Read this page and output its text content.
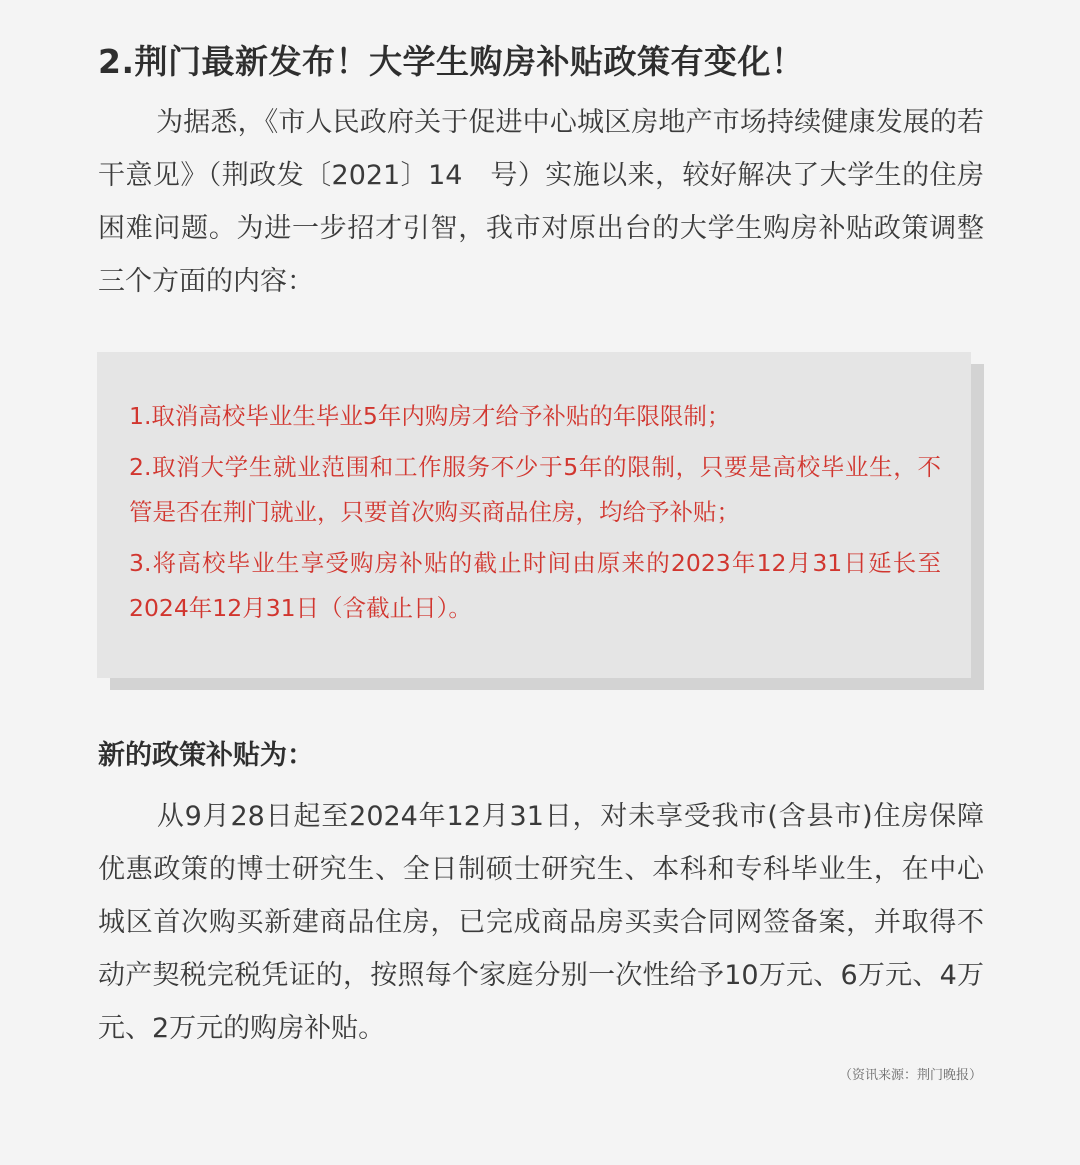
2.荆门最新发布！大学生购房补贴政策有变化！

为据悉，《市人民政府关于促进中心城区房地产市场持续健康发展的若干意见》（荆政发〔2021〕14　号）实施以来，较好解决了大学生的住房困难问题。为进一步招才引智，我市对原出台的大学生购房补贴政策调整三个方面的内容：

1.取消高校毕业生毕业5年内购房才给予补贴的年限限制；

2.取消大学生就业范围和工作服务不少于5年的限制，只要是高校毕业生，不管是否在荆门就业，只要首次购买商品住房，均给予补贴；

3.将高校毕业生享受购房补贴的截止时间由原来的2023年12月31日延长至2024年12月31日（含截止日）。

新的政策补贴为：

从9月28日起至2024年12月31日，对未享受我市(含县市)住房保障优惠政策的博士研究生、全日制硕士研究生、本科和专科毕业生，在中心城区首次购买新建商品住房，已完成商品房买卖合同网签备案，并取得不动产契税完税凭证的，按照每个家庭分别一次性给予10万元、6万元、4万元、2万元的购房补贴。

（资讯来源：荆门晚报）
